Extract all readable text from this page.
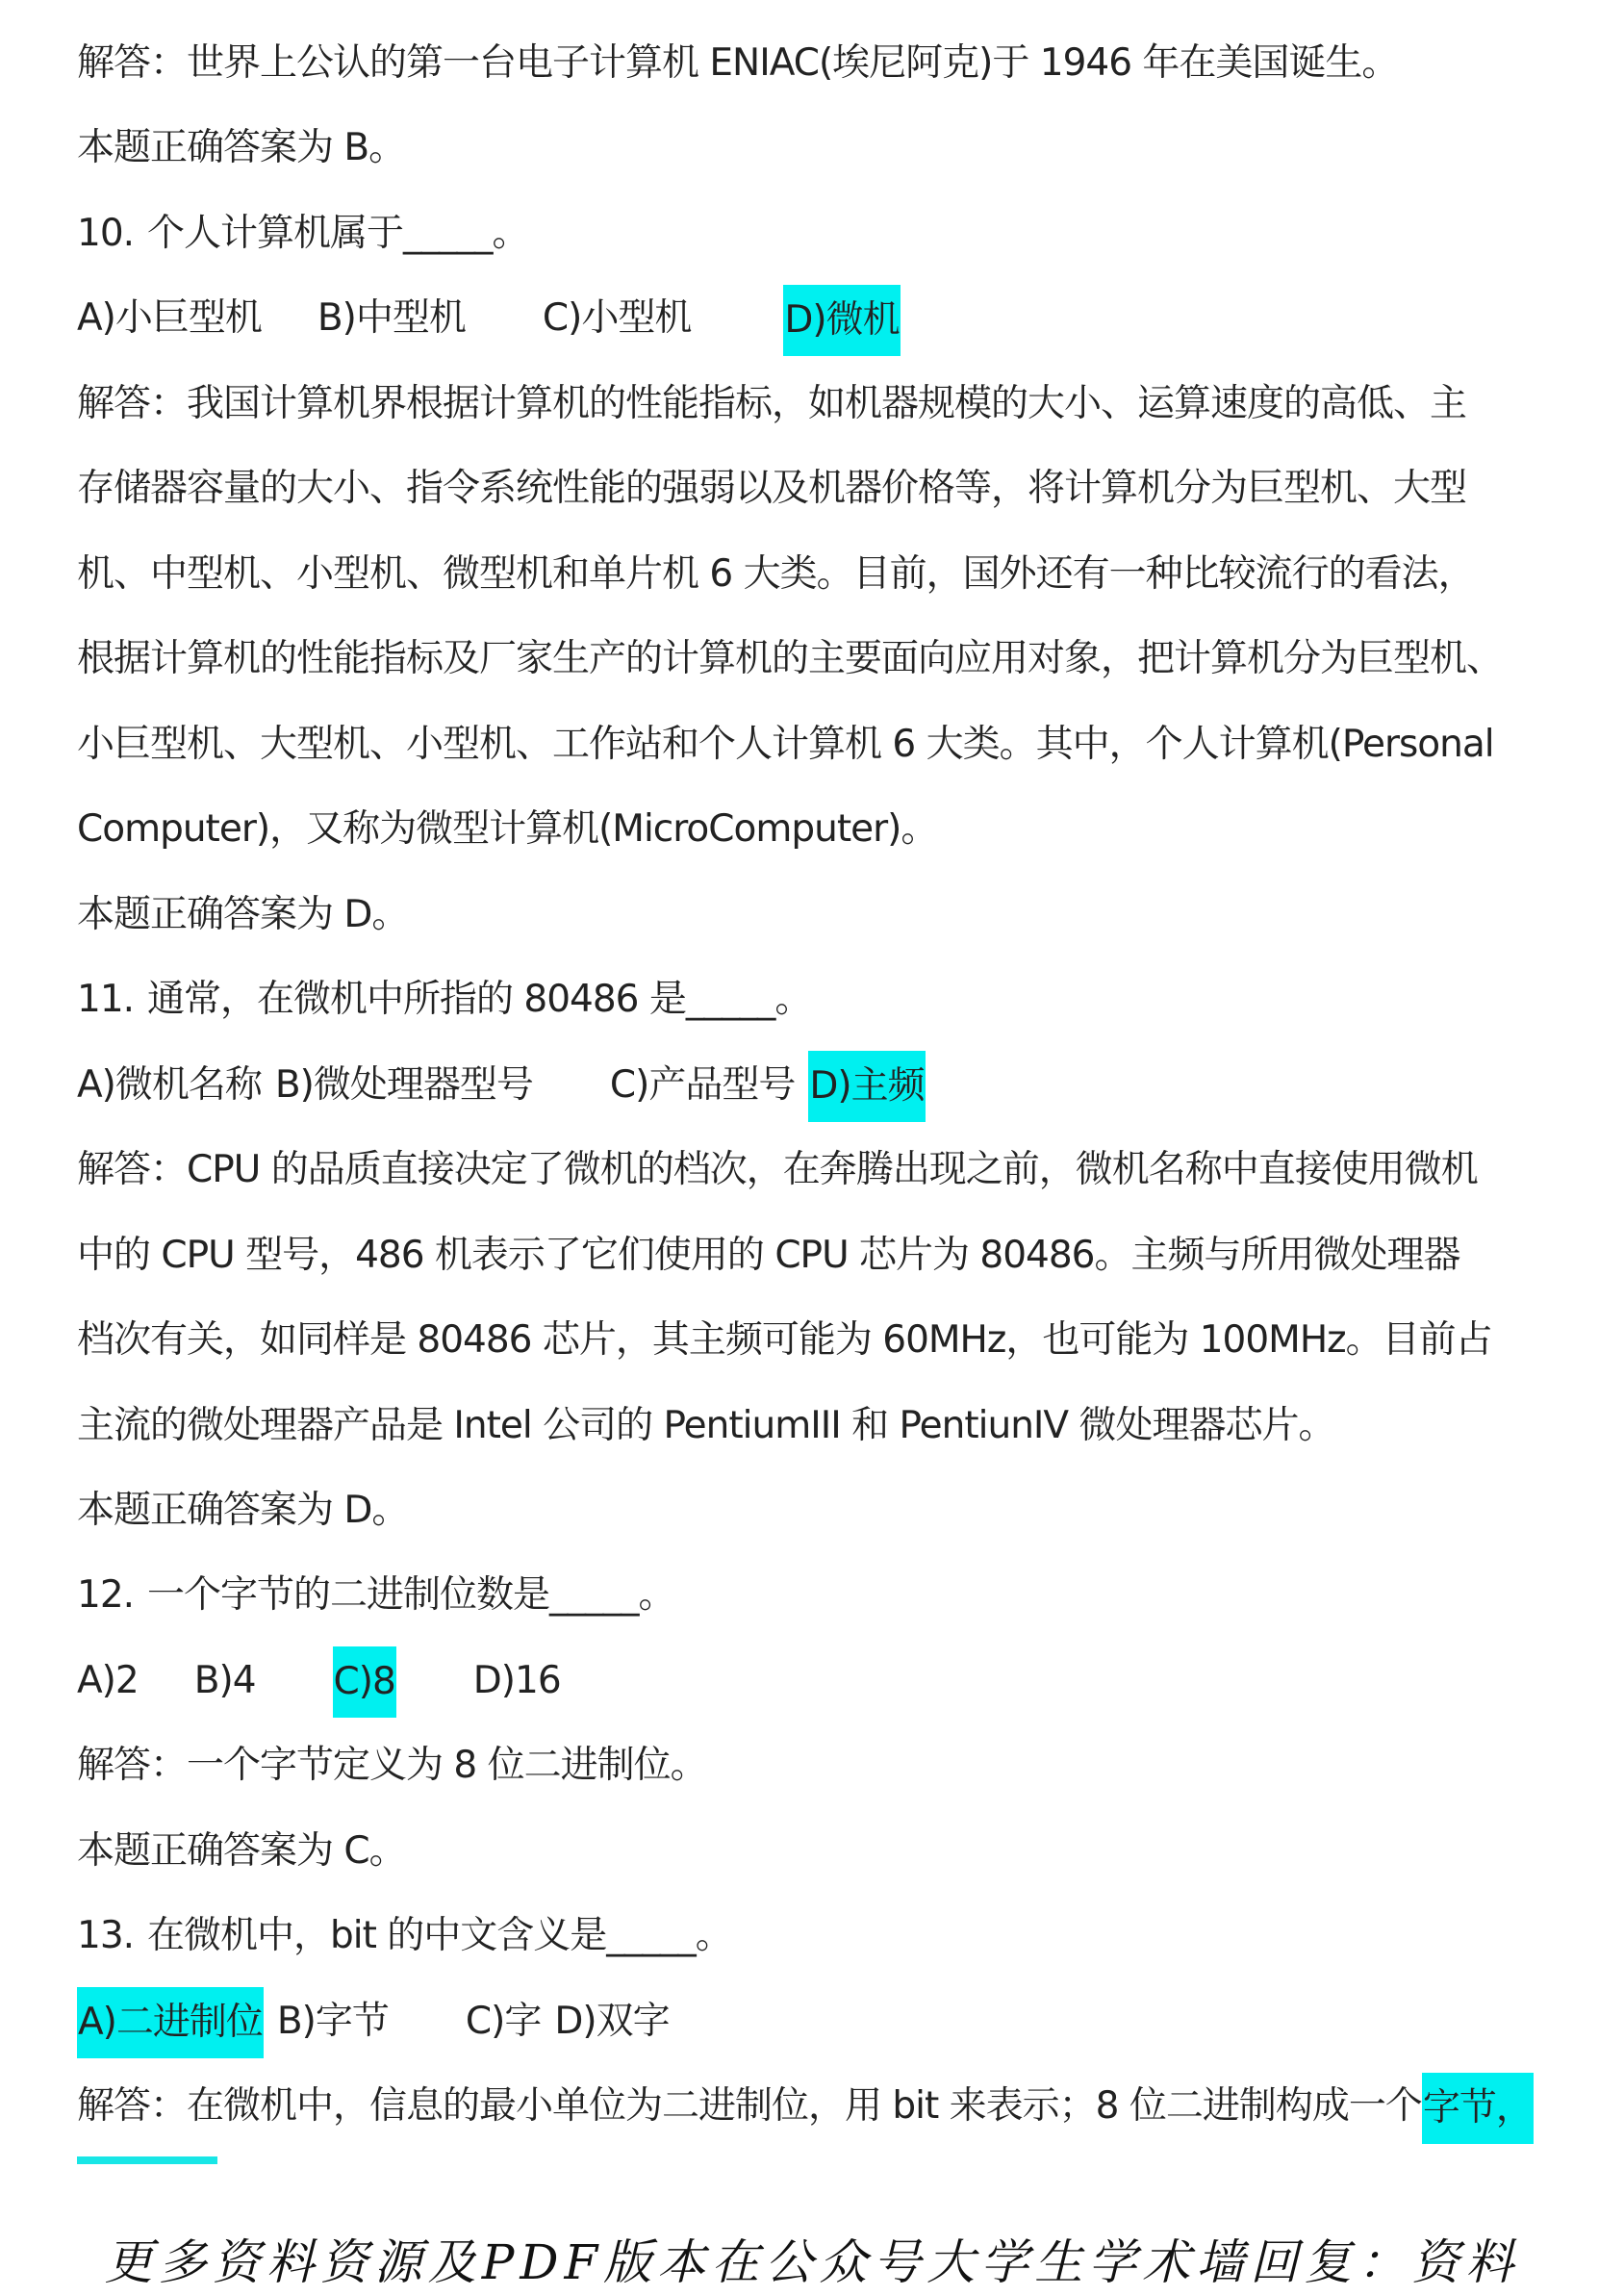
解答：世界上公认的第一台电子计算机 ENIAC(埃尼阿克)于 1946 年在美国诞生。
本题正确答案为 B。
10. 个人计算机属于_____。
A)小巨型机 B)中型机 C)小型机 D)微机
解答：我国计算机界根据计算机的性能指标，如机器规模的大小、运算速度的高低、主
存储器容量的大小、指令系统性能的强弱以及机器价格等，将计算机分为巨型机、大型
机、中型机、小型机、微型机和单片机 6 大类。目前，国外还有一种比较流行的看法，
根据计算机的性能指标及厂家生产的计算机的主要面向应用对象，把计算机分为巨型机、
小巨型机、大型机、小型机、工作站和个人计算机 6 大类。其中，个人计算机(Personal
Computer)，又称为微型计算机(MicroComputer)。
本题正确答案为 D。
11. 通常，在微机中所指的 80486 是_____。
A)微机名称 B)微处理器型号 C)产品型号 D)主频
解答：CPU 的品质直接决定了微机的档次，在奔腾出现之前，微机名称中直接使用微机
中的 CPU 型号，486 机表示了它们使用的 CPU 芯片为 80486。主频与所用微处理器
档次有关，如同样是 80486 芯片，其主频可能为 60MHz，也可能为 100MHz。目前占
主流的微处理器产品是 Intel 公司的 PentiumIII 和 PentiunIV 微处理器芯片。
本题正确答案为 D。
12. 一个字节的二进制位数是_____。
A)2 B)4 C)8 D)16
解答：一个字节定义为 8 位二进制位。
本题正确答案为 C。
13. 在微机中，bit 的中文含义是_____。
A)二进制位 B)字节 C)字 D)双字
解答：在微机中，信息的最小单位为二进制位，用 bit 来表示；8 位二进制构成一个字节，
更多资料资源及PDF版本在公众号大学生学术墙回复：资料
